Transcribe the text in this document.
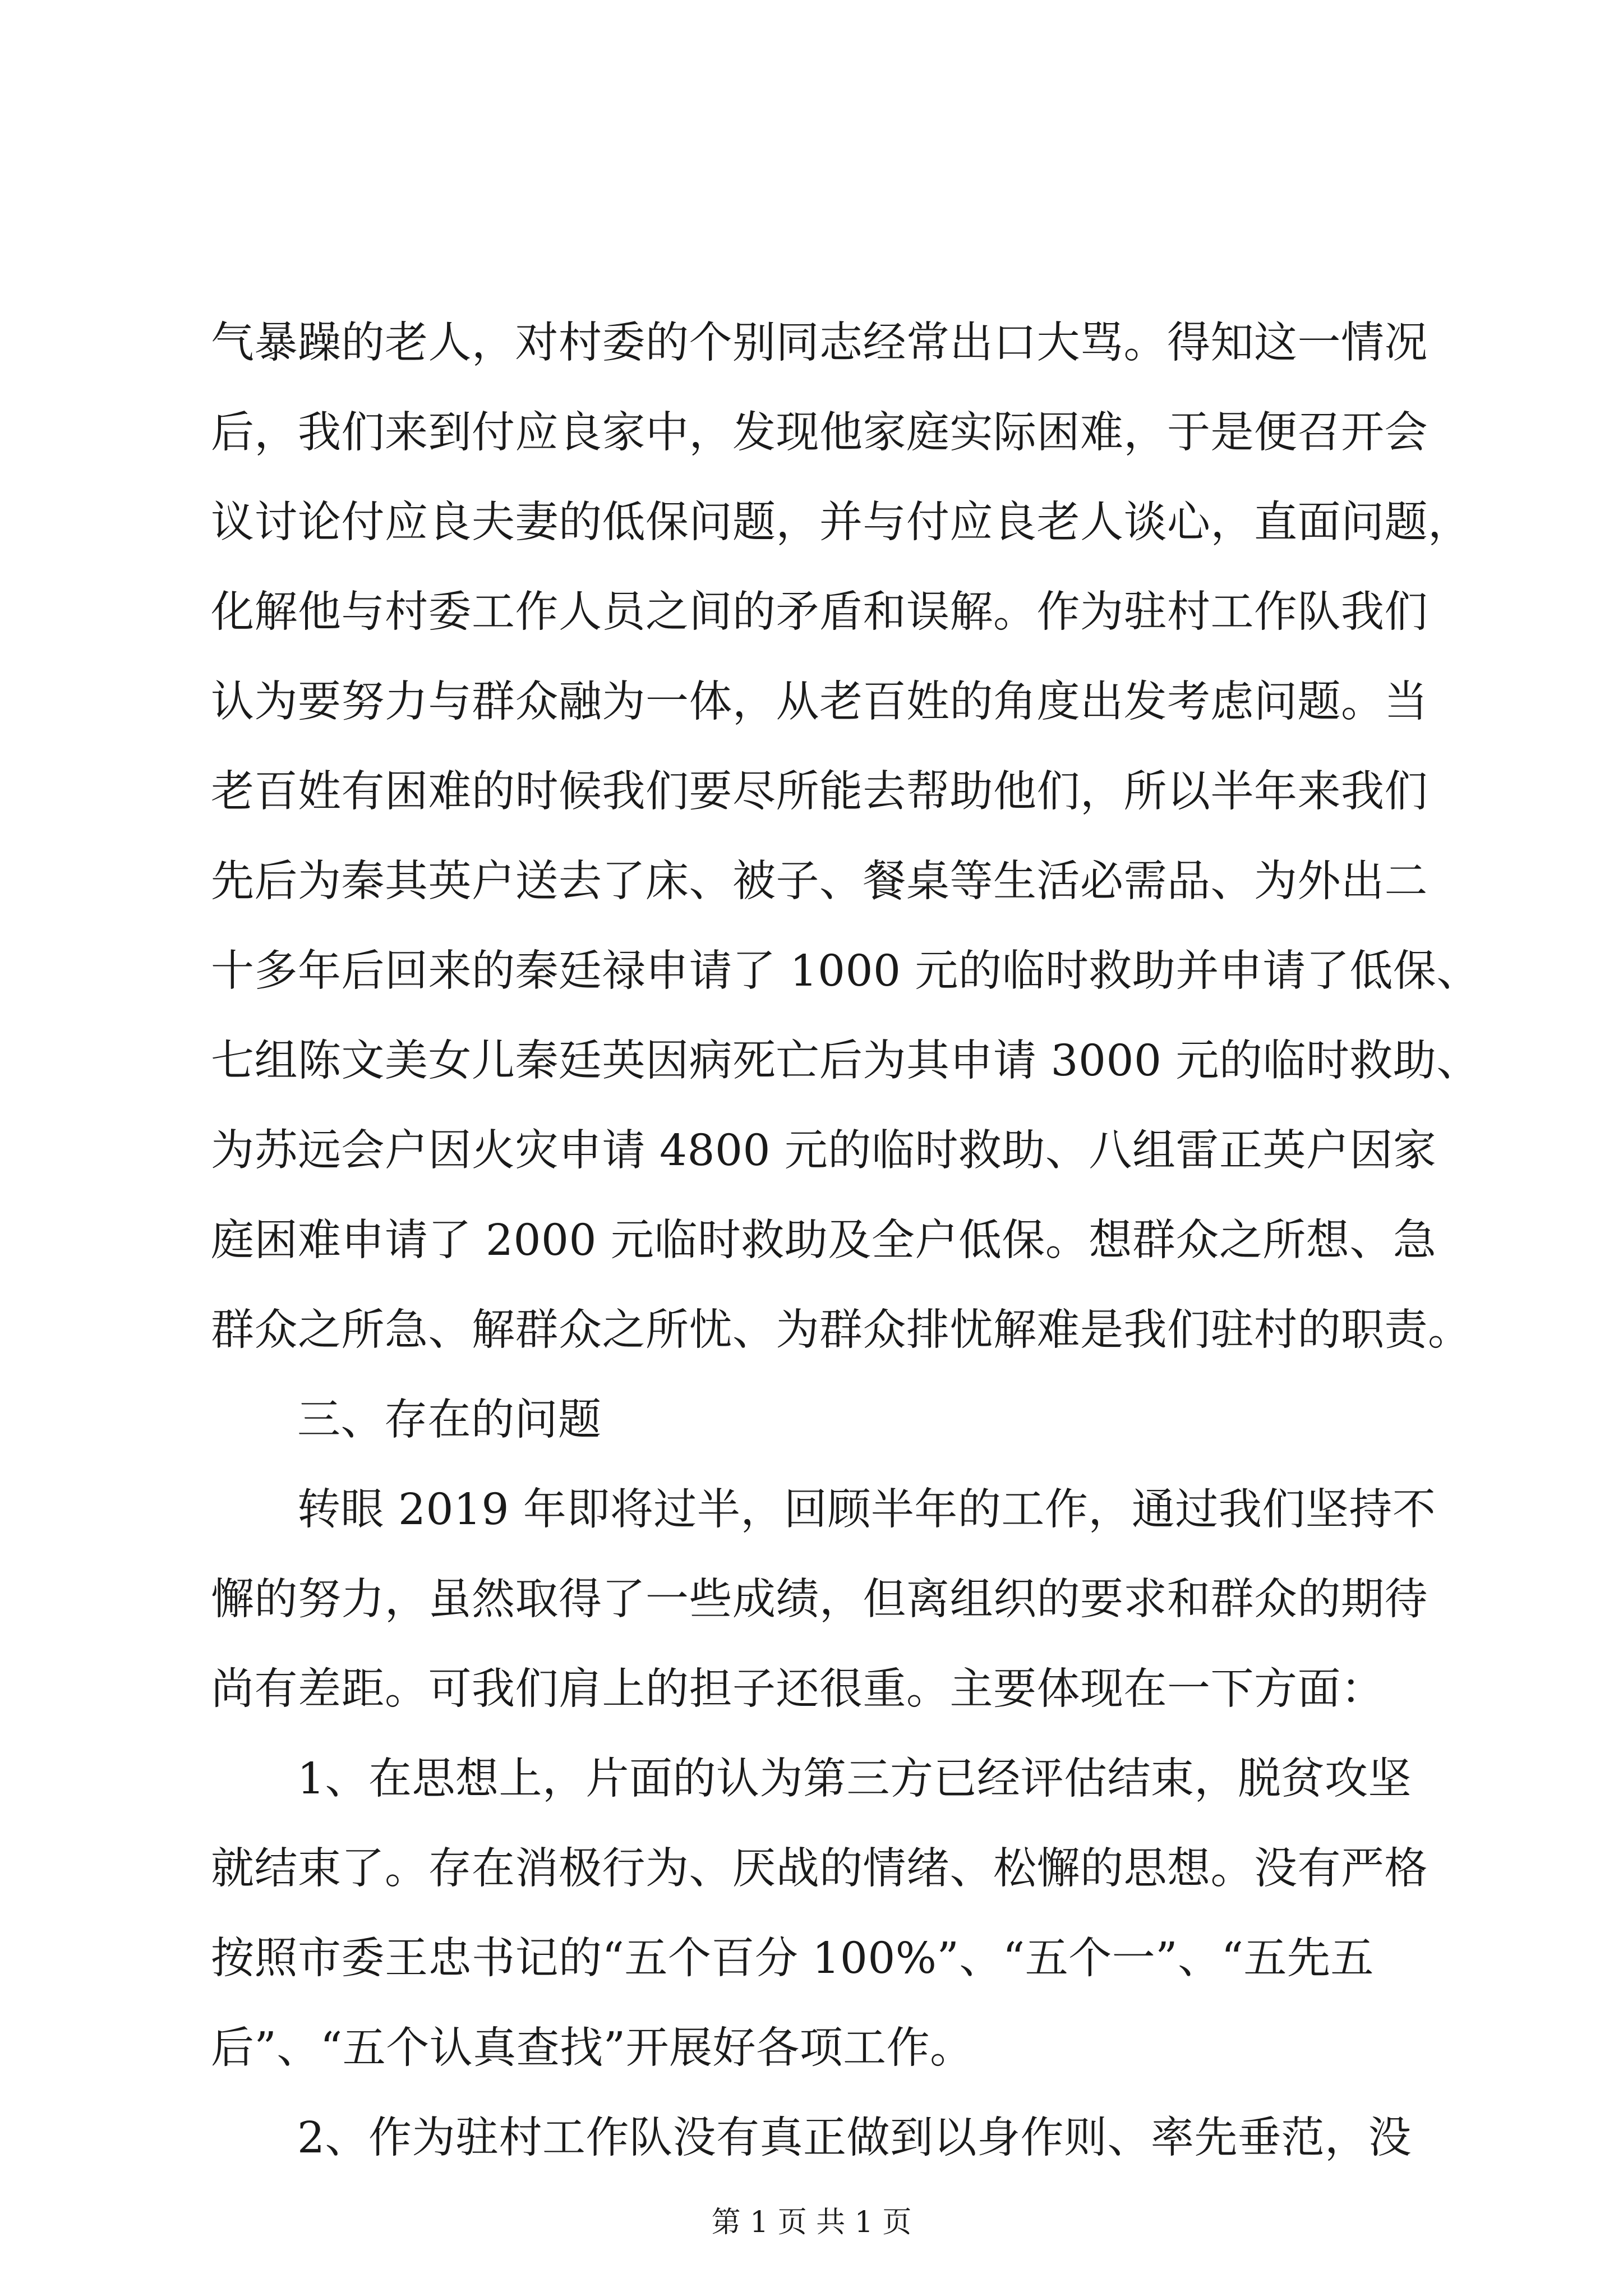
气暴躁的老人，对村委的个别同志经常出口大骂。得知这一情况
后，我们来到付应良家中，发现他家庭实际困难，于是便召开会
议讨论付应良夫妻的低保问题，并与付应良老人谈心，直面问题，
化解他与村委工作人员之间的矛盾和误解。作为驻村工作队我们
认为要努力与群众融为一体，从老百姓的角度出发考虑问题。当
老百姓有困难的时候我们要尽所能去帮助他们，所以半年来我们
先后为秦其英户送去了床、被子、餐桌等生活必需品、为外出二
十多年后回来的秦廷禄申请了 1000 元的临时救助并申请了低保、
七组陈文美女儿秦廷英因病死亡后为其申请 3000 元的临时救助、
为苏远会户因火灾申请 4800 元的临时救助、八组雷正英户因家
庭困难申请了 2000 元临时救助及全户低保。想群众之所想、急
群众之所急、解群众之所忧、为群众排忧解难是我们驻村的职责。
三、存在的问题
转眼 2019 年即将过半，回顾半年的工作，通过我们坚持不
懈的努力，虽然取得了一些成绩，但离组织的要求和群众的期待
尚有差距。可我们肩上的担子还很重。主要体现在一下方面：
1、在思想上，片面的认为第三方已经评估结束，脱贫攻坚
就结束了。存在消极行为、厌战的情绪、松懈的思想。没有严格
按照市委王忠书记的“五个百分 100%”、“五个一”、“五先五
后”、“五个认真查找”开展好各项工作。
2、作为驻村工作队没有真正做到以身作则、率先垂范，没
第 1 页 共 1 页
